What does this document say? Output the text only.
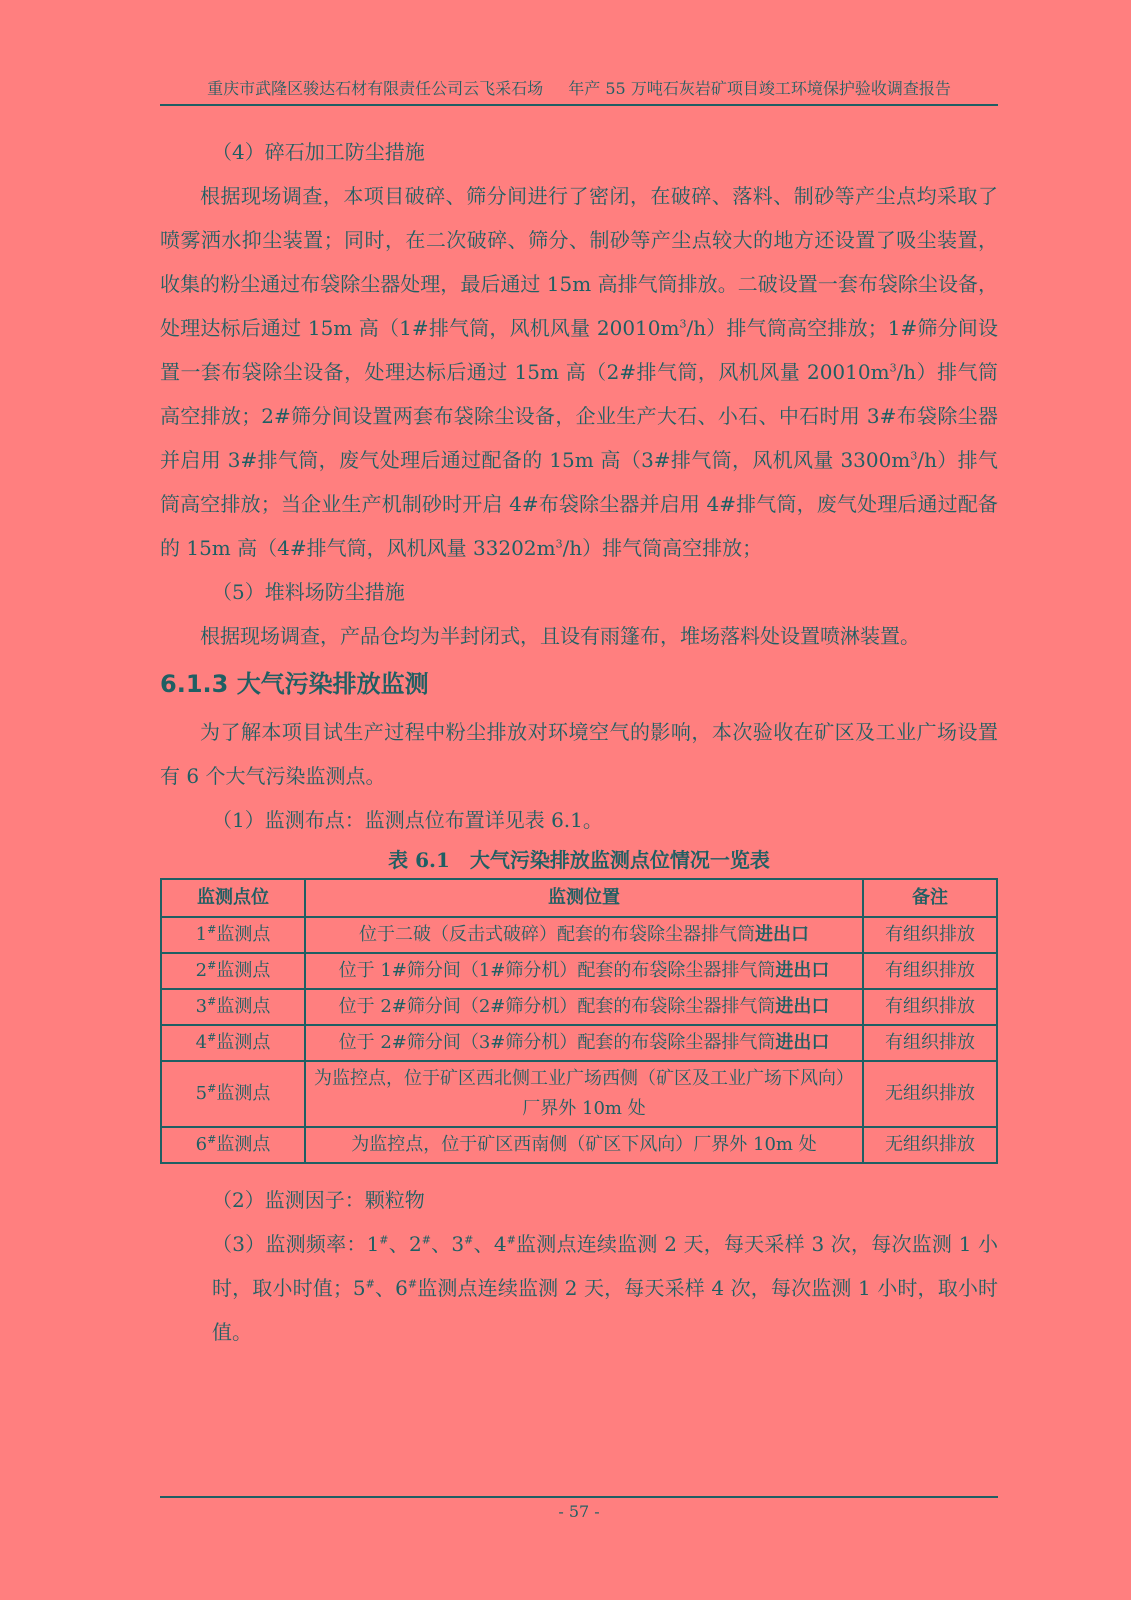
重庆市武隆区骏达石材有限责任公司云飞采石场 年产 55 万吨石灰岩矿项目竣工环境保护验收调查报告

（4）碎石加工防尘措施

根据现场调查，本项目破碎、筛分间进行了密闭，在破碎、落料、制砂等产尘点均采取了喷雾洒水抑尘装置；同时，在二次破碎、筛分、制砂等产尘点较大的地方还设置了吸尘装置，收集的粉尘通过布袋除尘器处理，最后通过 15m 高排气筒排放。二破设置一套布袋除尘设备，处理达标后通过 15m 高（1#排气筒，风机风量 $20010m^3/h$）排气筒高空排放；1#筛分间设置一套布袋除尘设备，处理达标后通过 15m 高（2#排气筒，风机风量 $20010m^3/h$）排气筒高空排放；2#筛分间设置两套布袋除尘设备，企业生产大石、小石、中石时用 3#布袋除尘器并启用 3#排气筒，废气处理后通过配备的 15m 高（3#排气筒，风机风量 $3300m^3/h$）排气筒高空排放；当企业生产机制砂时开启 4#布袋除尘器并启用 4#排气筒，废气处理后通过配备的 15m 高（4#排气筒，风机风量 $33202m^3/h$）排气筒高空排放；

（5）堆料场防尘措施

根据现场调查，产品仓均为半封闭式，且设有雨篷布，堆场落料处设置喷淋装置。

6.1.3 大气污染排放监测

为了解本项目试生产过程中粉尘排放对环境空气的影响，本次验收在矿区及工业广场设置有 6 个大气污染监测点。

（1）监测布点：监测点位布置详见表 6.1。

表 6.1　大气污染排放监测点位情况一览表

监测点位	监测位置	备注
1#监测点	位于二破（反击式破碎）配套的布袋除尘器排气筒进出口	有组织排放
2#监测点	位于 1#筛分间（1#筛分机）配套的布袋除尘器排气筒进出口	有组织排放
3#监测点	位于 2#筛分间（2#筛分机）配套的布袋除尘器排气筒进出口	有组织排放
4#监测点	位于 2#筛分间（3#筛分机）配套的布袋除尘器排气筒进出口	有组织排放
5#监测点	为监控点，位于矿区西北侧工业广场西侧（矿区及工业广场下风向）厂界外 10m 处	无组织排放
6#监测点	为监控点，位于矿区西南侧（矿区下风向）厂界外 10m 处	无组织排放

（2）监测因子：颗粒物

（3）监测频率：1#、2#、3#、4#监测点连续监测 2 天，每天采样 3 次，每次监测 1 小时，取小时值；5#、6#监测点连续监测 2 天，每天采样 4 次，每次监测 1 小时，取小时值。

- 57 -
